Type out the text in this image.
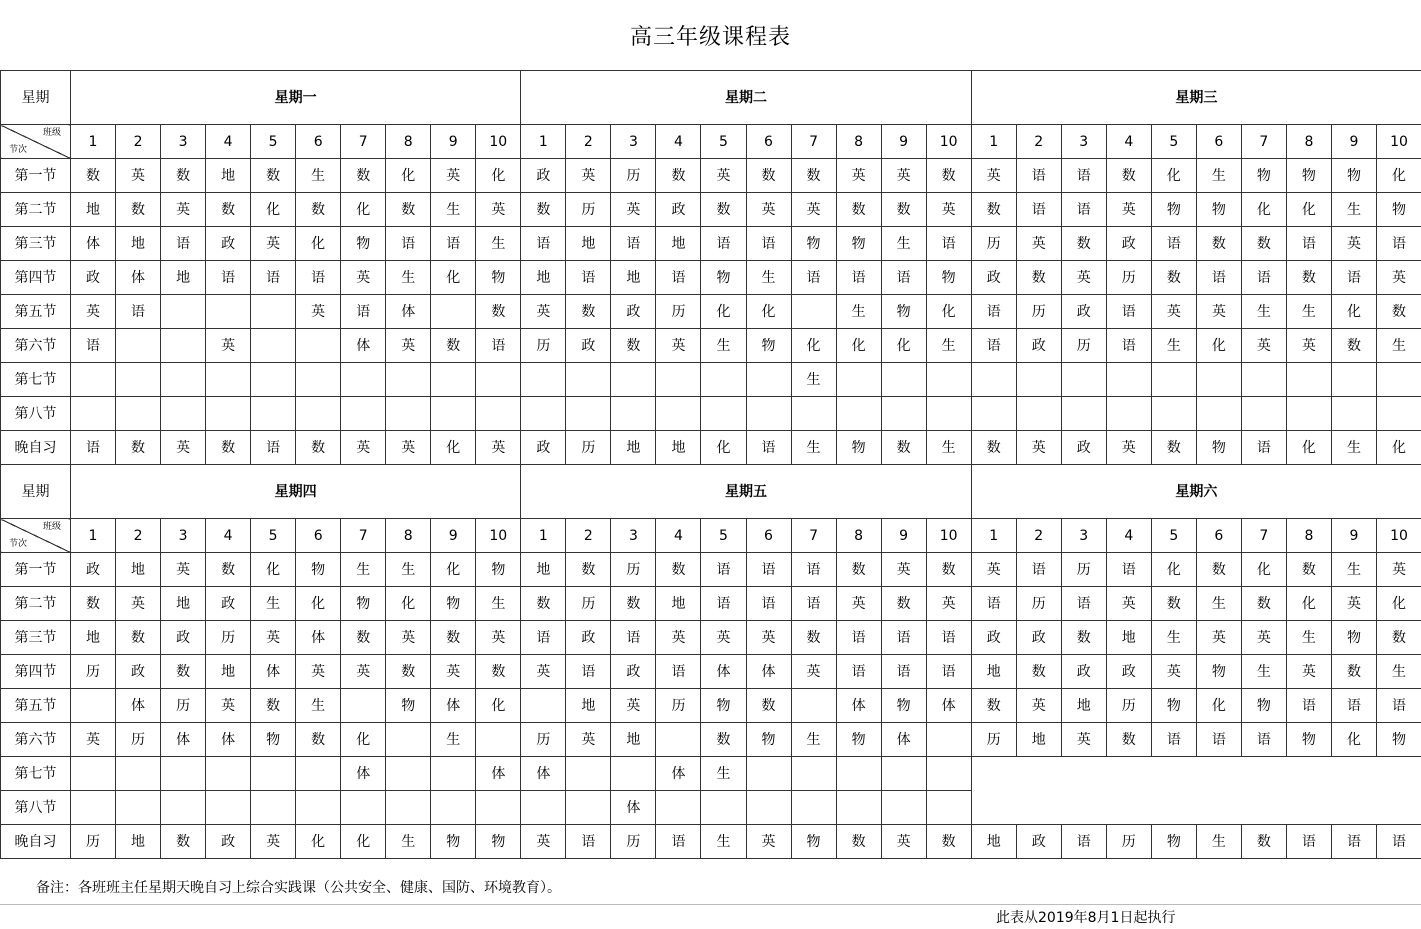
高三年级课程表
星期	星期一										星期二										星期三									

班级
节次	1	2	3	4	5	6	7	8	9	10	1	2	3	4	5	6	7	8	9	10	1	2	3	4	5	6	7	8	9	10
第一节	数	英	数	地	数	生	数	化	英	化	政	英	历	数	英	数	数	英	英	数	英	语	语	数	化	生	物	物	物	化
第二节	地	数	英	数	化	数	化	数	生	英	数	历	英	政	数	英	英	数	数	英	数	语	语	英	物	物	化	化	生	物
第三节	体	地	语	政	英	化	物	语	语	生	语	地	语	地	语	语	物	物	生	语	历	英	数	政	语	数	数	语	英	语
第四节	政	体	地	语	语	语	英	生	化	物	地	语	地	语	物	生	语	语	语	物	政	数	英	历	数	语	语	数	语	英
第五节	英	语				英	语	体		数	英	数	政	历	化	化		生	物	化	语	历	政	语	英	英	生	生	化	数
第六节	语			英			体	英	数	语	历	政	数	英	生	物	化	化	化	生	语	政	历	语	生	化	英	英	数	生
第七节																	生													
第八节																														
晚自习	语	数	英	数	语	数	英	英	化	英	政	历	地	地	化	语	生	物	数	生	数	英	政	英	数	物	语	化	生	化
星期	星期四										星期五										星期六									

班级
节次	1	2	3	4	5	6	7	8	9	10	1	2	3	4	5	6	7	8	9	10	1	2	3	4	5	6	7	8	9	10
第一节	政	地	英	数	化	物	生	生	化	物	地	数	历	数	语	语	语	数	英	数	英	语	历	语	化	数	化	数	生	英
第二节	数	英	地	政	生	化	物	化	物	生	数	历	数	地	语	语	语	英	数	英	语	历	语	英	数	生	数	化	英	化
第三节	地	数	政	历	英	体	数	英	数	英	语	政	语	英	英	英	数	语	语	语	政	政	数	地	生	英	英	生	物	数
第四节	历	政	数	地	体	英	英	数	英	数	英	语	政	语	体	体	英	语	语	语	地	数	政	政	英	物	生	英	数	生
第五节		体	历	英	数	生		物	体	化		地	英	历	物	数		体	物	体	数	英	地	历	物	化	物	语	语	语
第六节	英	历	体	体	物	数	化		生		历	英	地		数	物	生	物	体		历	地	英	数	语	语	语	物	化	物
第七节							体			体	体			体	生															
第八节													体																	
晚自习	历	地	数	政	英	化	化	生	物	物	英	语	历	语	生	英	物	数	英	数	地	政	语	历	物	生	数	语	语	语
备注：各班班主任星期天晚自习上综合实践课（公共安全、健康、国防、环境教育）。
此表从2019年8月1日起执行
